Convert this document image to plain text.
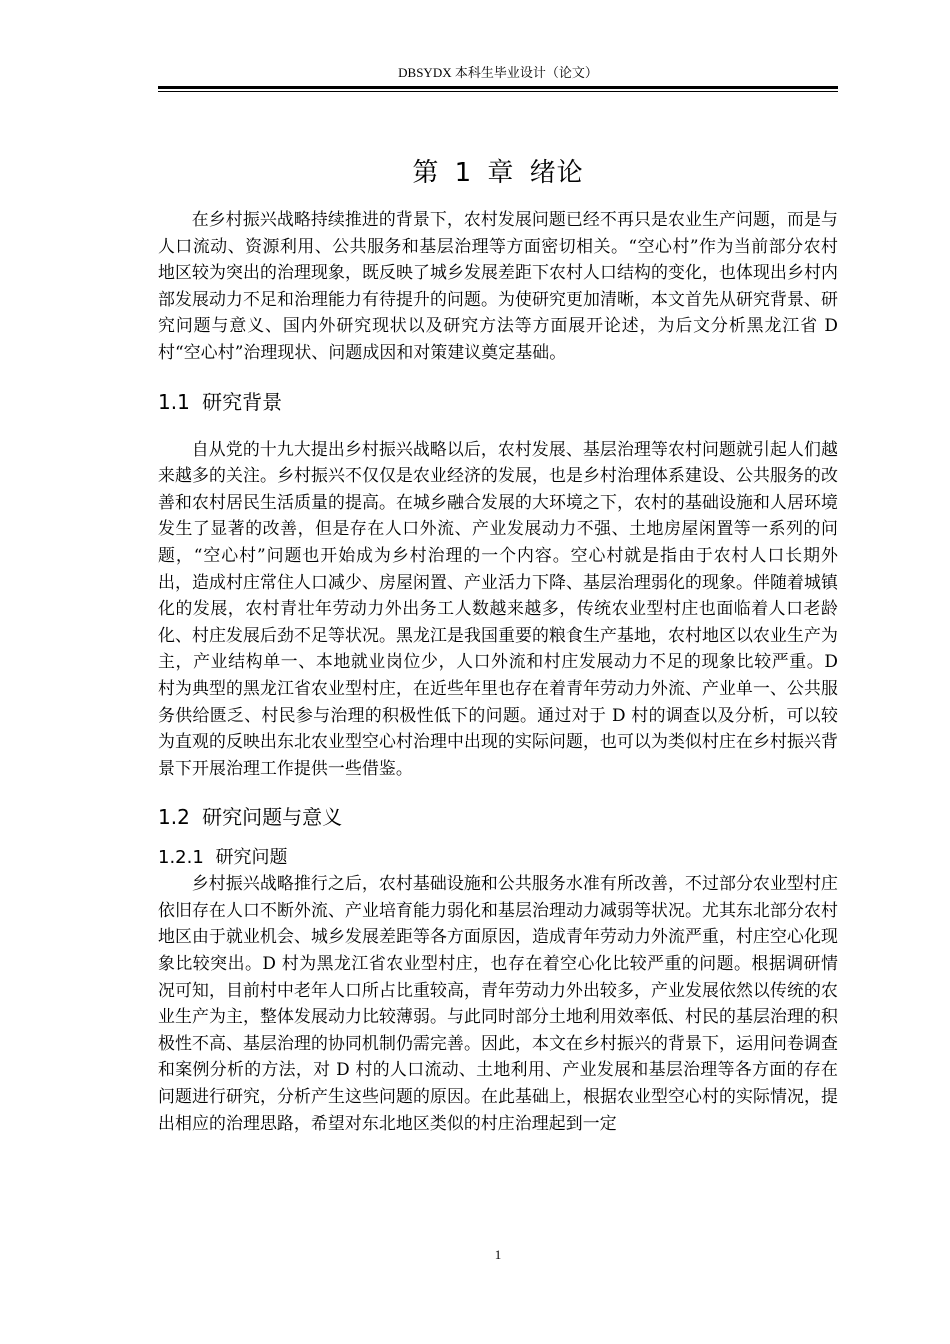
DBSYDX 本科生毕业设计（论文）
第 1 章 绪论

在乡村振兴战略持续推进的背景下，农村发展问题已经不再只是农业生产问题，而是与人口流动、资源利用、公共服务和基层治理等方面密切相关。“空心村”作为当前部分农村地区较为突出的治理现象，既反映了城乡发展差距下农村人口结构的变化，也体现出乡村内部发展动力不足和治理能力有待提升的问题。为使研究更加清晰，本文首先从研究背景、研究问题与意义、国内外研究现状以及研究方法等方面展开论述，为后文分析黑龙江省 D 村“空心村”治理现状、问题成因和对策建议奠定基础。

1.1 研究背景

自从党的十九大提出乡村振兴战略以后，农村发展、基层治理等农村问题就引起人们越来越多的关注。乡村振兴不仅仅是农业经济的发展，也是乡村治理体系建设、公共服务的改善和农村居民生活质量的提高。在城乡融合发展的大环境之下，农村的基础设施和人居环境发生了显著的改善，但是存在人口外流、产业发展动力不强、土地房屋闲置等一系列的问题，“空心村”问题也开始成为乡村治理的一个内容。空心村就是指由于农村人口长期外出，造成村庄常住人口减少、房屋闲置、产业活力下降、基层治理弱化的现象。伴随着城镇化的发展，农村青壮年劳动力外出务工人数越来越多，传统农业型村庄也面临着人口老龄化、村庄发展后劲不足等状况。黑龙江是我国重要的粮食生产基地，农村地区以农业生产为主，产业结构单一、本地就业岗位少，人口外流和村庄发展动力不足的现象比较严重。D 村为典型的黑龙江省农业型村庄，在近些年里也存在着青年劳动力外流、产业单一、公共服务供给匮乏、村民参与治理的积极性低下的问题。通过对于 D 村的调查以及分析，可以较为直观的反映出东北农业型空心村治理中出现的实际问题，也可以为类似村庄在乡村振兴背景下开展治理工作提供一些借鉴。

1.2 研究问题与意义
1.2.1 研究问题

乡村振兴战略推行之后，农村基础设施和公共服务水准有所改善，不过部分农业型村庄依旧存在人口不断外流、产业培育能力弱化和基层治理动力减弱等状况。尤其东北部分农村地区由于就业机会、城乡发展差距等各方面原因，造成青年劳动力外流严重，村庄空心化现象比较突出。D 村为黑龙江省农业型村庄，也存在着空心化比较严重的问题。根据调研情况可知，目前村中老年人口所占比重较高，青年劳动力外出较多，产业发展依然以传统的农业生产为主，整体发展动力比较薄弱。与此同时部分土地利用效率低、村民的基层治理的积极性不高、基层治理的协同机制仍需完善。因此，本文在乡村振兴的背景下，运用问卷调查和案例分析的方法，对 D 村的人口流动、土地利用、产业发展和基层治理等各方面的存在问题进行研究，分析产生这些问题的原因。在此基础上，根据农业型空心村的实际情况，提出相应的治理思路，希望对东北地区类似的村庄治理起到一定

1
